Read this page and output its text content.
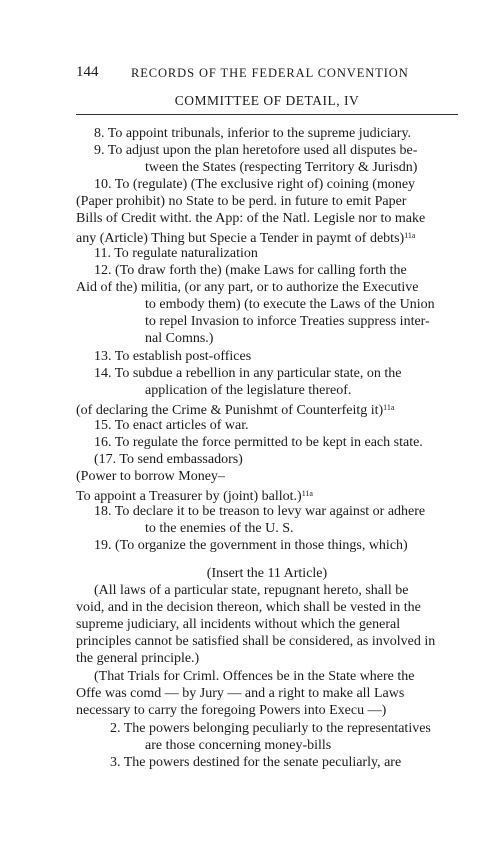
144	RECORDS OF THE FEDERAL CONVENTION
COMMITTEE OF DETAIL, IV
8. To appoint tribunals, inferior to the supreme judiciary.
9. To adjust upon the plan heretofore used all disputes be-
tween the States (respecting Territory & Jurisdn)
10. To (regulate) (The exclusive right of) coining (money
(Paper prohibit) no State to be perd. in future to emit Paper
Bills of Credit witht. the App: of the Natl. Legisle nor to make
any (Article) Thing but Specie a Tender in paymt of debts)$^{11a}$
11. To regulate naturalization
12. (To draw forth the) (make Laws for calling forth the
Aid of the) militia, (or any part, or to authorize the Executive
to embody them) (to execute the Laws of the Union
to repel Invasion to inforce Treaties suppress inter-
nal Comns.)
13. To establish post-offices
14. To subdue a rebellion in any particular state, on the
application of the legislature thereof.
(of declaring the Crime & Punishmt of Counterfeitg it)$^{11a}$
15. To enact articles of war.
16. To regulate the force permitted to be kept in each state.
(17. To send embassadors)
(Power to borrow Money–
To appoint a Treasurer by (joint) ballot.)$^{11a}$
18. To declare it to be treason to levy war against or adhere
to the enemies of the U. S.
19. (To organize the government in those things, which)
(Insert the 11 Article)
(All laws of a particular state, repugnant hereto, shall be
void, and in the decision thereon, which shall be vested in the
supreme judiciary, all incidents without which the general
principles cannot be satisfied shall be considered, as involved in
the general principle.)
(That Trials for Criml. Offences be in the State where the
Offe was comd — by Jury — and a right to make all Laws
necessary to carry the foregoing Powers into Execu —)
2. The powers belonging peculiarly to the representatives
are those concerning money-bills
3. The powers destined for the senate peculiarly, are
